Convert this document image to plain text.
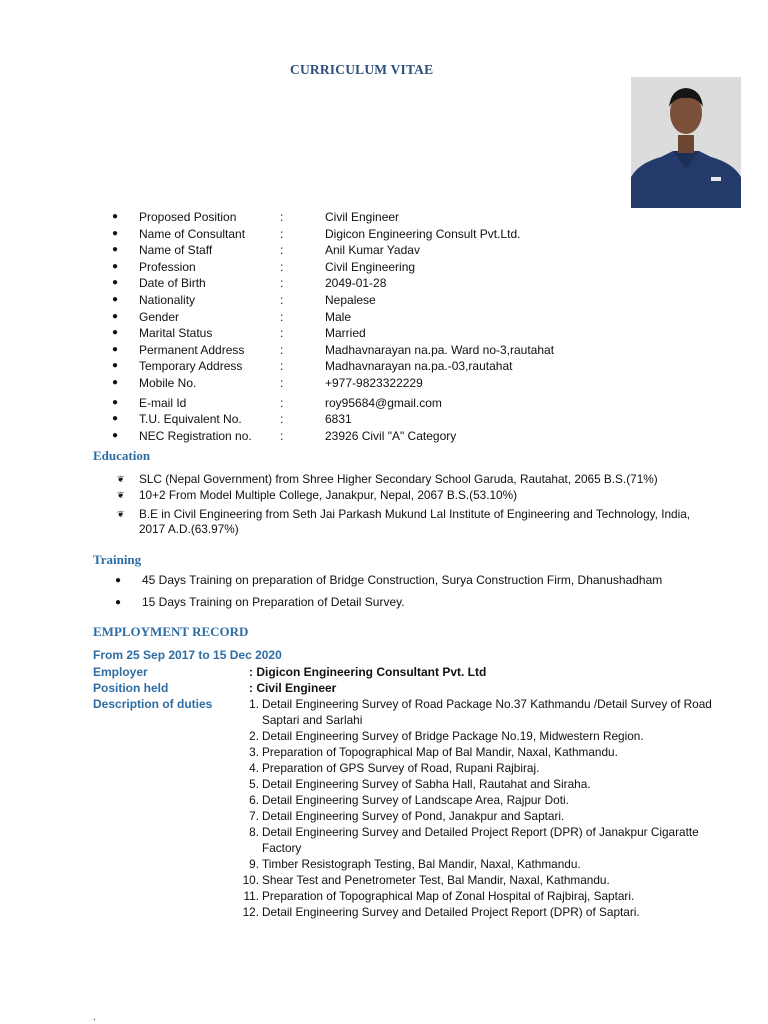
CURRICULUM VITAE
● Proposed Position	:	Civil Engineer
● Name of Consultant	:	Digicon Engineering Consult Pvt.Ltd.
● Name of Staff	:	Anil Kumar Yadav
● Profession	:	Civil Engineering
● Date of Birth	:	2049-01-28
● Nationality	:	Nepalese
● Gender	:	Male
● Marital Status	:	Married
● Permanent Address	:	Madhavnarayan na.pa. Ward no-3,rautahat
● Temporary Address	:	Madhavnarayan na.pa.-03,rautahat
● Mobile No.	:	+977-9823322229
● E-mail Id	:	roy95684@gmail.com
● T.U. Equivalent No.	:	6831
● NEC Registration no. :	23926 Civil "A" Category
Education
❦ SLC (Nepal Government) from Shree Higher Secondary School Garuda, Rautahat, 2065 B.S.(71%)
❦ 10+2 From Model Multiple College, Janakpur, Nepal, 2067 B.S.(53.10%)
❦ B.E in Civil Engineering from Seth Jai Parkash Mukund Lal Institute of Engineering and Technology, India, 2017 A.D.(63.97%)
Training
● 45 Days Training on preparation of Bridge Construction, Surya Construction Firm, Dhanushadham
● 15 Days Training on Preparation of Detail Survey.
EMPLOYMENT RECORD
From 25 Sep 2017 to 15 Dec 2020
Employer	: Digicon Engineering Consultant Pvt. Ltd
Position held	: Civil Engineer
Description of duties	1. Detail Engineering Survey of Road Package No.37 Kathmandu /Detail Survey of Road Saptari and Sarlahi
2. Detail Engineering Survey of Bridge Package No.19, Midwestern Region.
3. Preparation of Topographical Map of Bal Mandir, Naxal, Kathmandu.
4. Preparation of GPS Survey of Road, Rupani Rajbiraj.
5. Detail Engineering Survey of Sabha Hall, Rautahat and Siraha.
6. Detail Engineering Survey of Landscape Area, Rajpur Doti.
7. Detail Engineering Survey of Pond, Janakpur and Saptari.
8. Detail Engineering Survey and Detailed Project Report (DPR) of Janakpur Cigaratte Factory
9. Timber Resistograph Testing, Bal Mandir, Naxal, Kathmandu.
10. Shear Test and Penetrometer Test, Bal Mandir, Naxal, Kathmandu.
11. Preparation of Topographical Map of Zonal Hospital of Rajbiraj, Saptari.
12. Detail Engineering Survey and Detailed Project Report (DPR) of Saptari.
.
